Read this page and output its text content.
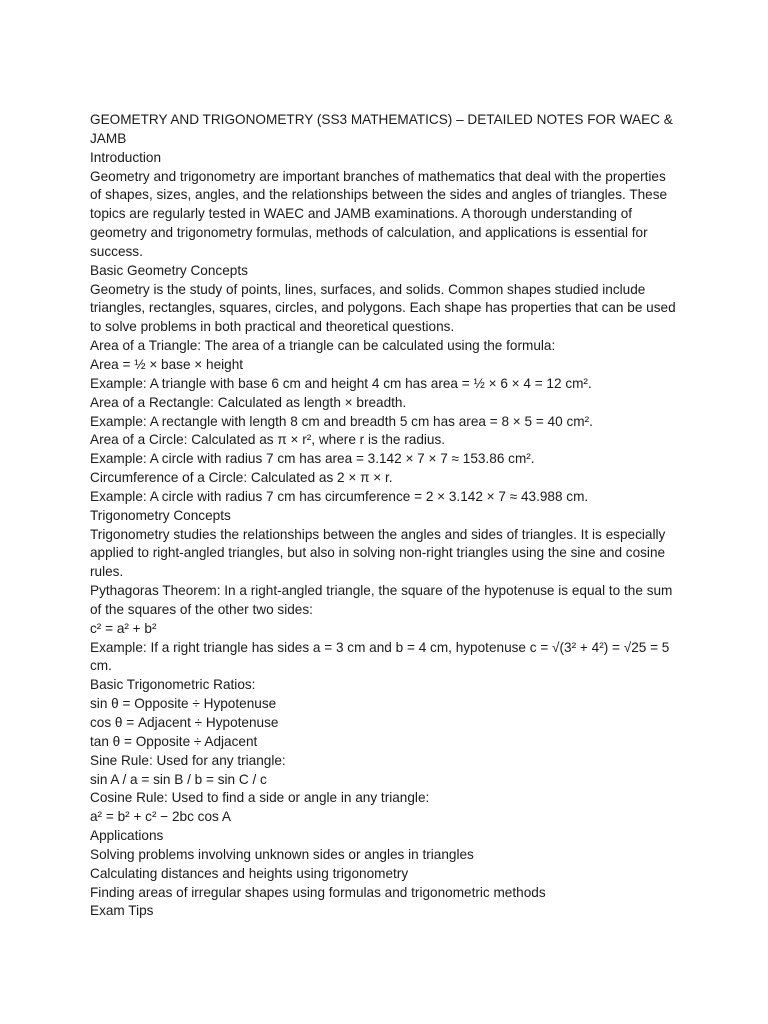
GEOMETRY AND TRIGONOMETRY (SS3 MATHEMATICS) – DETAILED NOTES FOR WAEC & JAMB

Introduction

Geometry and trigonometry are important branches of mathematics that deal with the properties of shapes, sizes, angles, and the relationships between the sides and angles of triangles. These topics are regularly tested in WAEC and JAMB examinations. A thorough understanding of geometry and trigonometry formulas, methods of calculation, and applications is essential for success.

Basic Geometry Concepts

Geometry is the study of points, lines, surfaces, and solids. Common shapes studied include triangles, rectangles, squares, circles, and polygons. Each shape has properties that can be used to solve problems in both practical and theoretical questions.

Area of a Triangle: The area of a triangle can be calculated using the formula:

Area = ½ × base × height

Example: A triangle with base 6 cm and height 4 cm has area = ½ × 6 × 4 = 12 cm².

Area of a Rectangle: Calculated as length × breadth.

Example: A rectangle with length 8 cm and breadth 5 cm has area = 8 × 5 = 40 cm².

Area of a Circle: Calculated as π × r², where r is the radius.

Example: A circle with radius 7 cm has area = 3.142 × 7 × 7 ≈ 153.86 cm².

Circumference of a Circle: Calculated as 2 × π × r.

Example: A circle with radius 7 cm has circumference = 2 × 3.142 × 7 ≈ 43.988 cm.

Trigonometry Concepts

Trigonometry studies the relationships between the angles and sides of triangles. It is especially applied to right-angled triangles, but also in solving non-right triangles using the sine and cosine rules.

Pythagoras Theorem: In a right-angled triangle, the square of the hypotenuse is equal to the sum of the squares of the other two sides:

c² = a² + b²

Example: If a right triangle has sides a = 3 cm and b = 4 cm, hypotenuse c = √(3² + 4²) = √25 = 5 cm.

Basic Trigonometric Ratios:

sin θ = Opposite ÷ Hypotenuse

cos θ = Adjacent ÷ Hypotenuse

tan θ = Opposite ÷ Adjacent

Sine Rule: Used for any triangle:

sin A / a = sin B / b = sin C / c

Cosine Rule: Used to find a side or angle in any triangle:

a² = b² + c² − 2bc cos A

Applications

Solving problems involving unknown sides or angles in triangles

Calculating distances and heights using trigonometry

Finding areas of irregular shapes using formulas and trigonometric methods

Exam Tips
